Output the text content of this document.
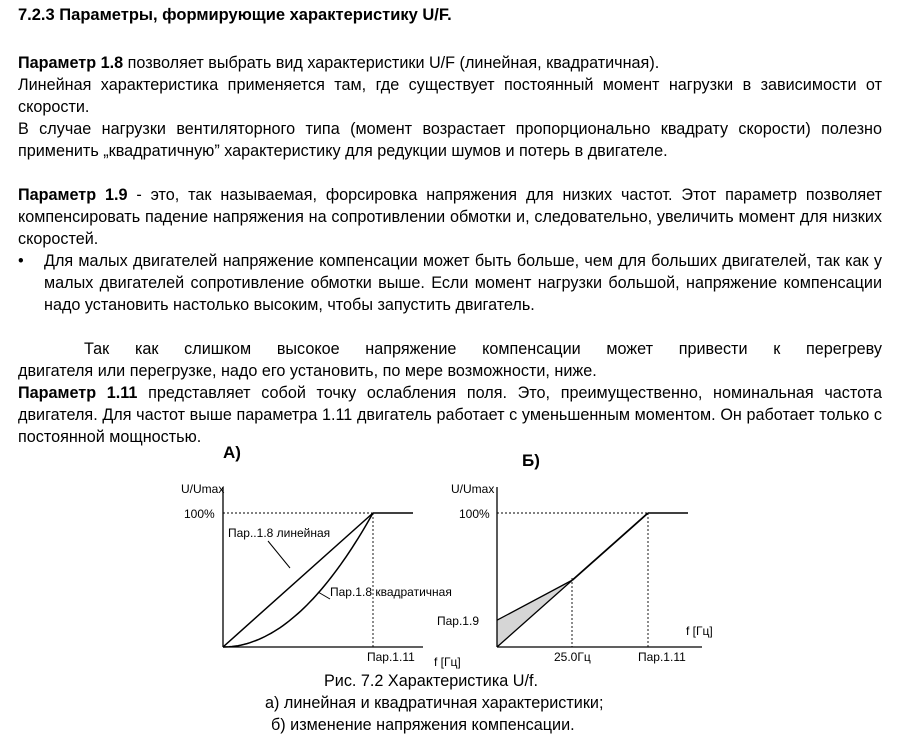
7.2.3 Параметры, формирующие характеристику U/F.

Параметр 1.8 позволяет выбрать вид характеристики U/F (линейная, квадратичная).

Линейная характеристика применяется там, где существует постоянный момент нагрузки в зависимости от скорости.

В случае нагрузки вентиляторного типа (момент возрастает пропорционально квадрату скорости) полезно применить „квадратичную” характеристику для редукции шумов и потерь в двигателе.

Параметр 1.9 - это, так называемая, форсировка напряжения для низких частот. Этот параметр позволяет компенсировать падение напряжения на сопротивлении обмотки и, следовательно, увеличить момент для низких скоростей.

•	Для малых двигателей напряжение компенсации может быть больше, чем для больших двигателей, так как у малых двигателей сопротивление обмотки выше. Если момент нагрузки большой, напряжение компенсации надо установить настолько высоким, чтобы запустить двигатель.
Так как слишком высокое напряжение компенсации может привести к перегреву
двигателя или перегрузке, надо его установить, по мере возможности, ниже.

Параметр 1.11 представляет собой точку ослабления поля. Это, преимущественно, номинальная частота двигателя. Для частот выше параметра 1.11 двигатель работает с уменьшенным моментом. Он работает только с постоянной мощностью.

A)
U/Umax
100%
Пар..1.8 линейная
Пар.1.8 квадратичная
Пар.1.11 f [Гц]
Б)
U/Umax
100%
Пар.1.9
25.0Гц	Пар.1.11
f [Гц]
Рис. 7.2 Характеристика U/f.
а) линейная и квадратичная характеристики;
б) изменение напряжения компенсации.
